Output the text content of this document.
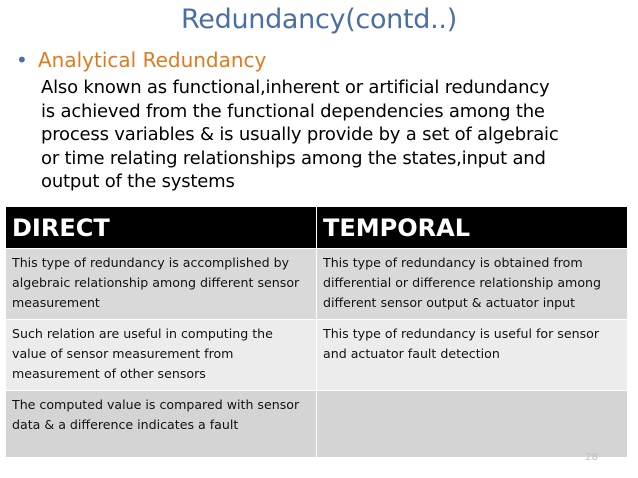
Redundancy(contd..)
• Analytical Redundancy
Also known as functional,inherent or artificial redundancy
is achieved from the functional dependencies among the
process variables & is usually provide by a set of algebraic
or time relating relationships among the states,input and
output of the systems
DIRECT	TEMPORAL
This type of redundancy is accomplished by algebraic relationship among different sensor measurement	This type of redundancy is obtained from differential or difference relationship among different sensor output & actuator input
Such relation are useful in computing the value of sensor measurement from measurement of other sensors	This type of redundancy is useful for sensor and actuator fault detection
The computed value is compared with sensor data & a difference indicates a fault	
28
